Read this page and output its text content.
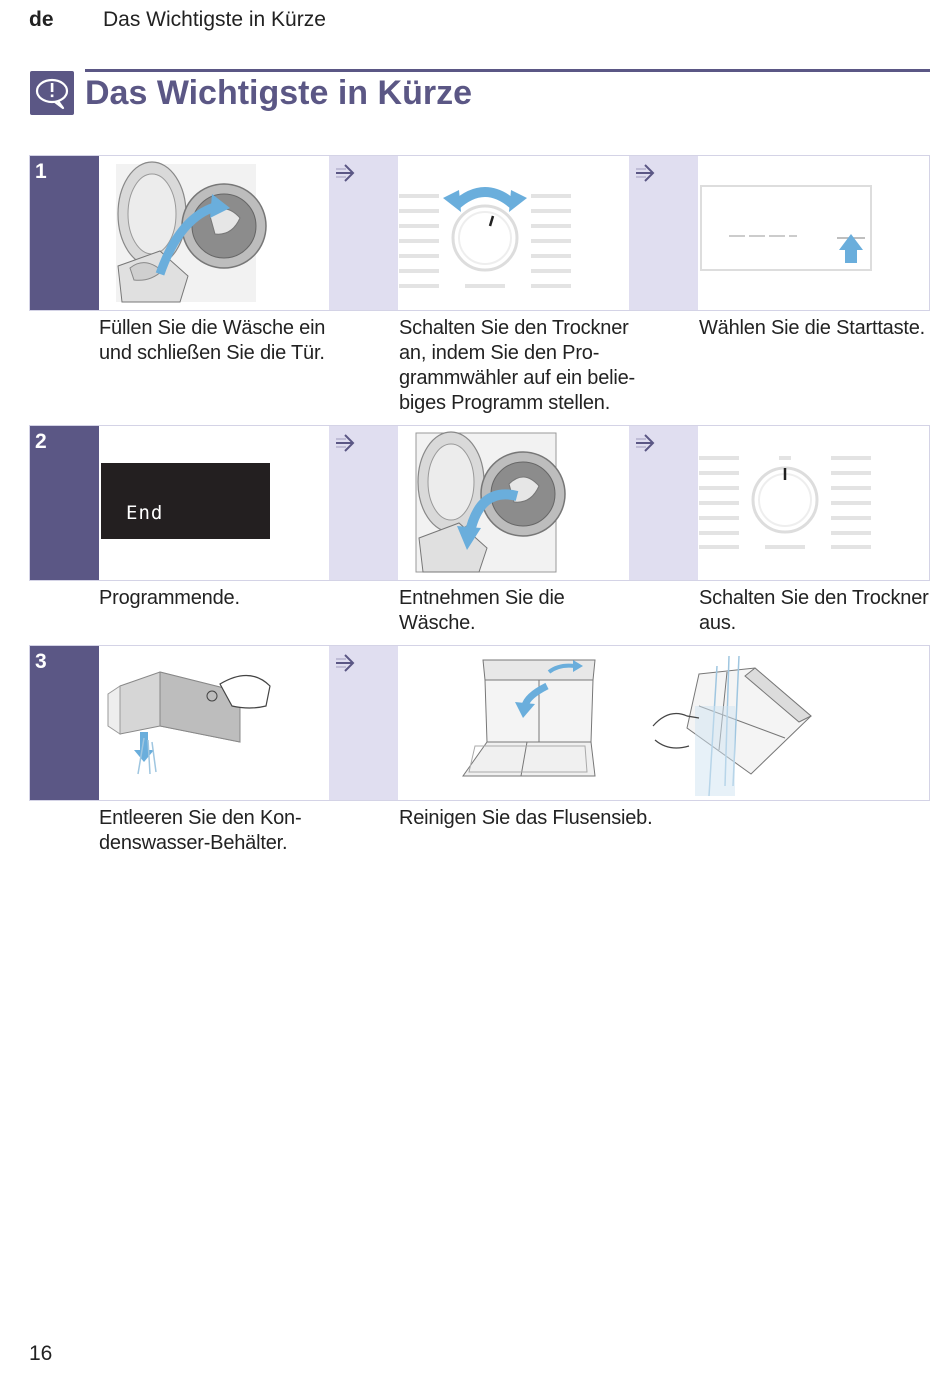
de Das Wichtigste in Kürze
Das Wichtigste in Kürze
1
Füllen Sie die Wäsche ein
und schließen Sie die Tür.
Schalten Sie den Trockner
an, indem Sie den Pro-
grammwähler auf ein belie-
biges Programm stellen.
Wählen Sie die Starttaste.
2
End
Programmende.	Entnehmen Sie die
Wäsche.
Schalten Sie den Trockner
aus.
3
Entleeren Sie den Kon-
denswasser-Behälter.
Reinigen Sie das Flusensieb.
16
